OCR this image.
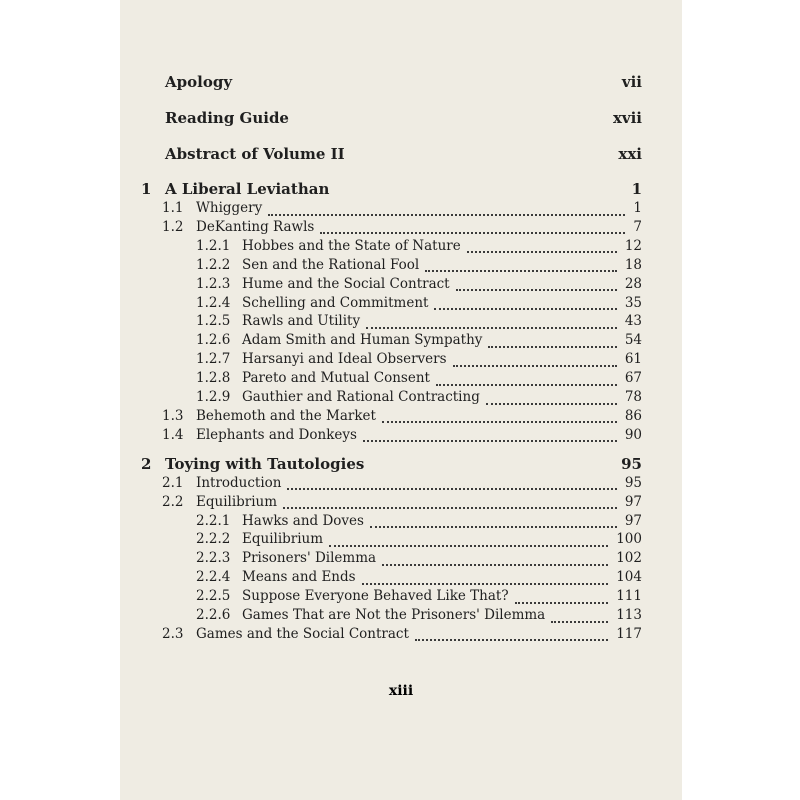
Apology	vii
Reading Guide	xvii
Abstract of Volume II	xxi
1 A Liberal Leviathan	1
1.1 Whiggery	1
1.2 DeKanting Rawls	7
1.2.1 Hobbes and the State of Nature	12
1.2.2 Sen and the Rational Fool	18
1.2.3 Hume and the Social Contract	28
1.2.4 Schelling and Commitment	35
1.2.5 Rawls and Utility	43
1.2.6 Adam Smith and Human Sympathy	54
1.2.7 Harsanyi and Ideal Observers	61
1.2.8 Pareto and Mutual Consent	67
1.2.9 Gauthier and Rational Contracting	78
1.3 Behemoth and the Market	86
1.4 Elephants and Donkeys	90
2 Toying with Tautologies	95
2.1 Introduction	95
2.2 Equilibrium	97
2.2.1 Hawks and Doves	97
2.2.2 Equilibrium	100
2.2.3 Prisoners' Dilemma	102
2.2.4 Means and Ends	104
2.2.5 Suppose Everyone Behaved Like That?	111
2.2.6 Games That are Not the Prisoners' Dilemma	113
2.3 Games and the Social Contract	117
xiii
